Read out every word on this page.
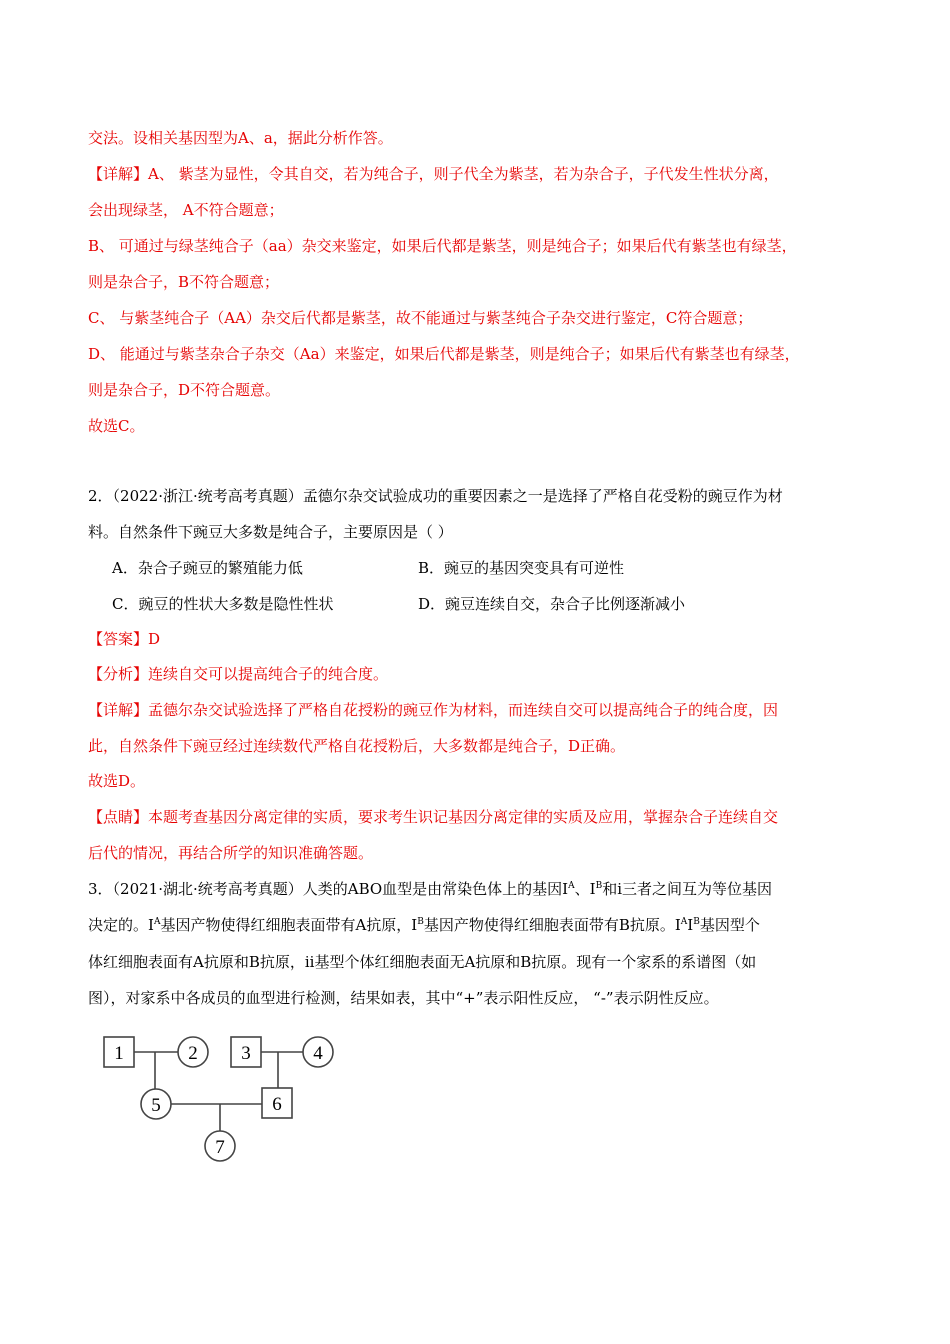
交法。设相关基因型为A、a，据此分析作答。
【详解】A、 紫茎为显性，令其自交，若为纯合子，则子代全为紫茎，若为杂合子，子代发生性状分离，
会出现绿茎， A不符合题意；
B、 可通过与绿茎纯合子（aa）杂交来鉴定，如果后代都是紫茎，则是纯合子；如果后代有紫茎也有绿茎，
则是杂合子，B不符合题意；
C、 与紫茎纯合子（AA）杂交后代都是紫茎，故不能通过与紫茎纯合子杂交进行鉴定，C符合题意；
D、 能通过与紫茎杂合子杂交（Aa）来鉴定，如果后代都是紫茎，则是纯合子；如果后代有紫茎也有绿茎，
则是杂合子，D不符合题意。
故选C。
2．（2022·浙江·统考高考真题）孟德尔杂交试验成功的重要因素之一是选择了严格自花受粉的豌豆作为材
料。自然条件下豌豆大多数是纯合子，主要原因是（ ）
A．杂合子豌豆的繁殖能力低	B．豌豆的基因突变具有可逆性
C．豌豆的性状大多数是隐性性状	D．豌豆连续自交，杂合子比例逐渐减小
【答案】D
【分析】连续自交可以提高纯合子的纯合度。
【详解】孟德尔杂交试验选择了严格自花授粉的豌豆作为材料，而连续自交可以提高纯合子的纯合度，因
此，自然条件下豌豆经过连续数代严格自花授粉后，大多数都是纯合子，D正确。
故选D。
【点睛】本题考查基因分离定律的实质，要求考生识记基因分离定律的实质及应用，掌握杂合子连续自交
后代的情况，再结合所学的知识准确答题。
3．（2021·湖北·统考高考真题）人类的ABO血型是由常染色体上的基因$I^A$、$I^B$和i三者之间互为等位基因
决定的。$I^A$基因产物使得红细胞表面带有A抗原，$I^B$基因产物使得红细胞表面带有B抗原。$I^AI^B$基因型个
体红细胞表面有A抗原和B抗原，ii基型个体红细胞表面无A抗原和B抗原。现有一个家系的系谱图（如
图），对家系中各成员的血型进行检测，结果如表，其中“+”表示阳性反应， “-”表示阴性反应。
1	2 3	4
5	6
7
